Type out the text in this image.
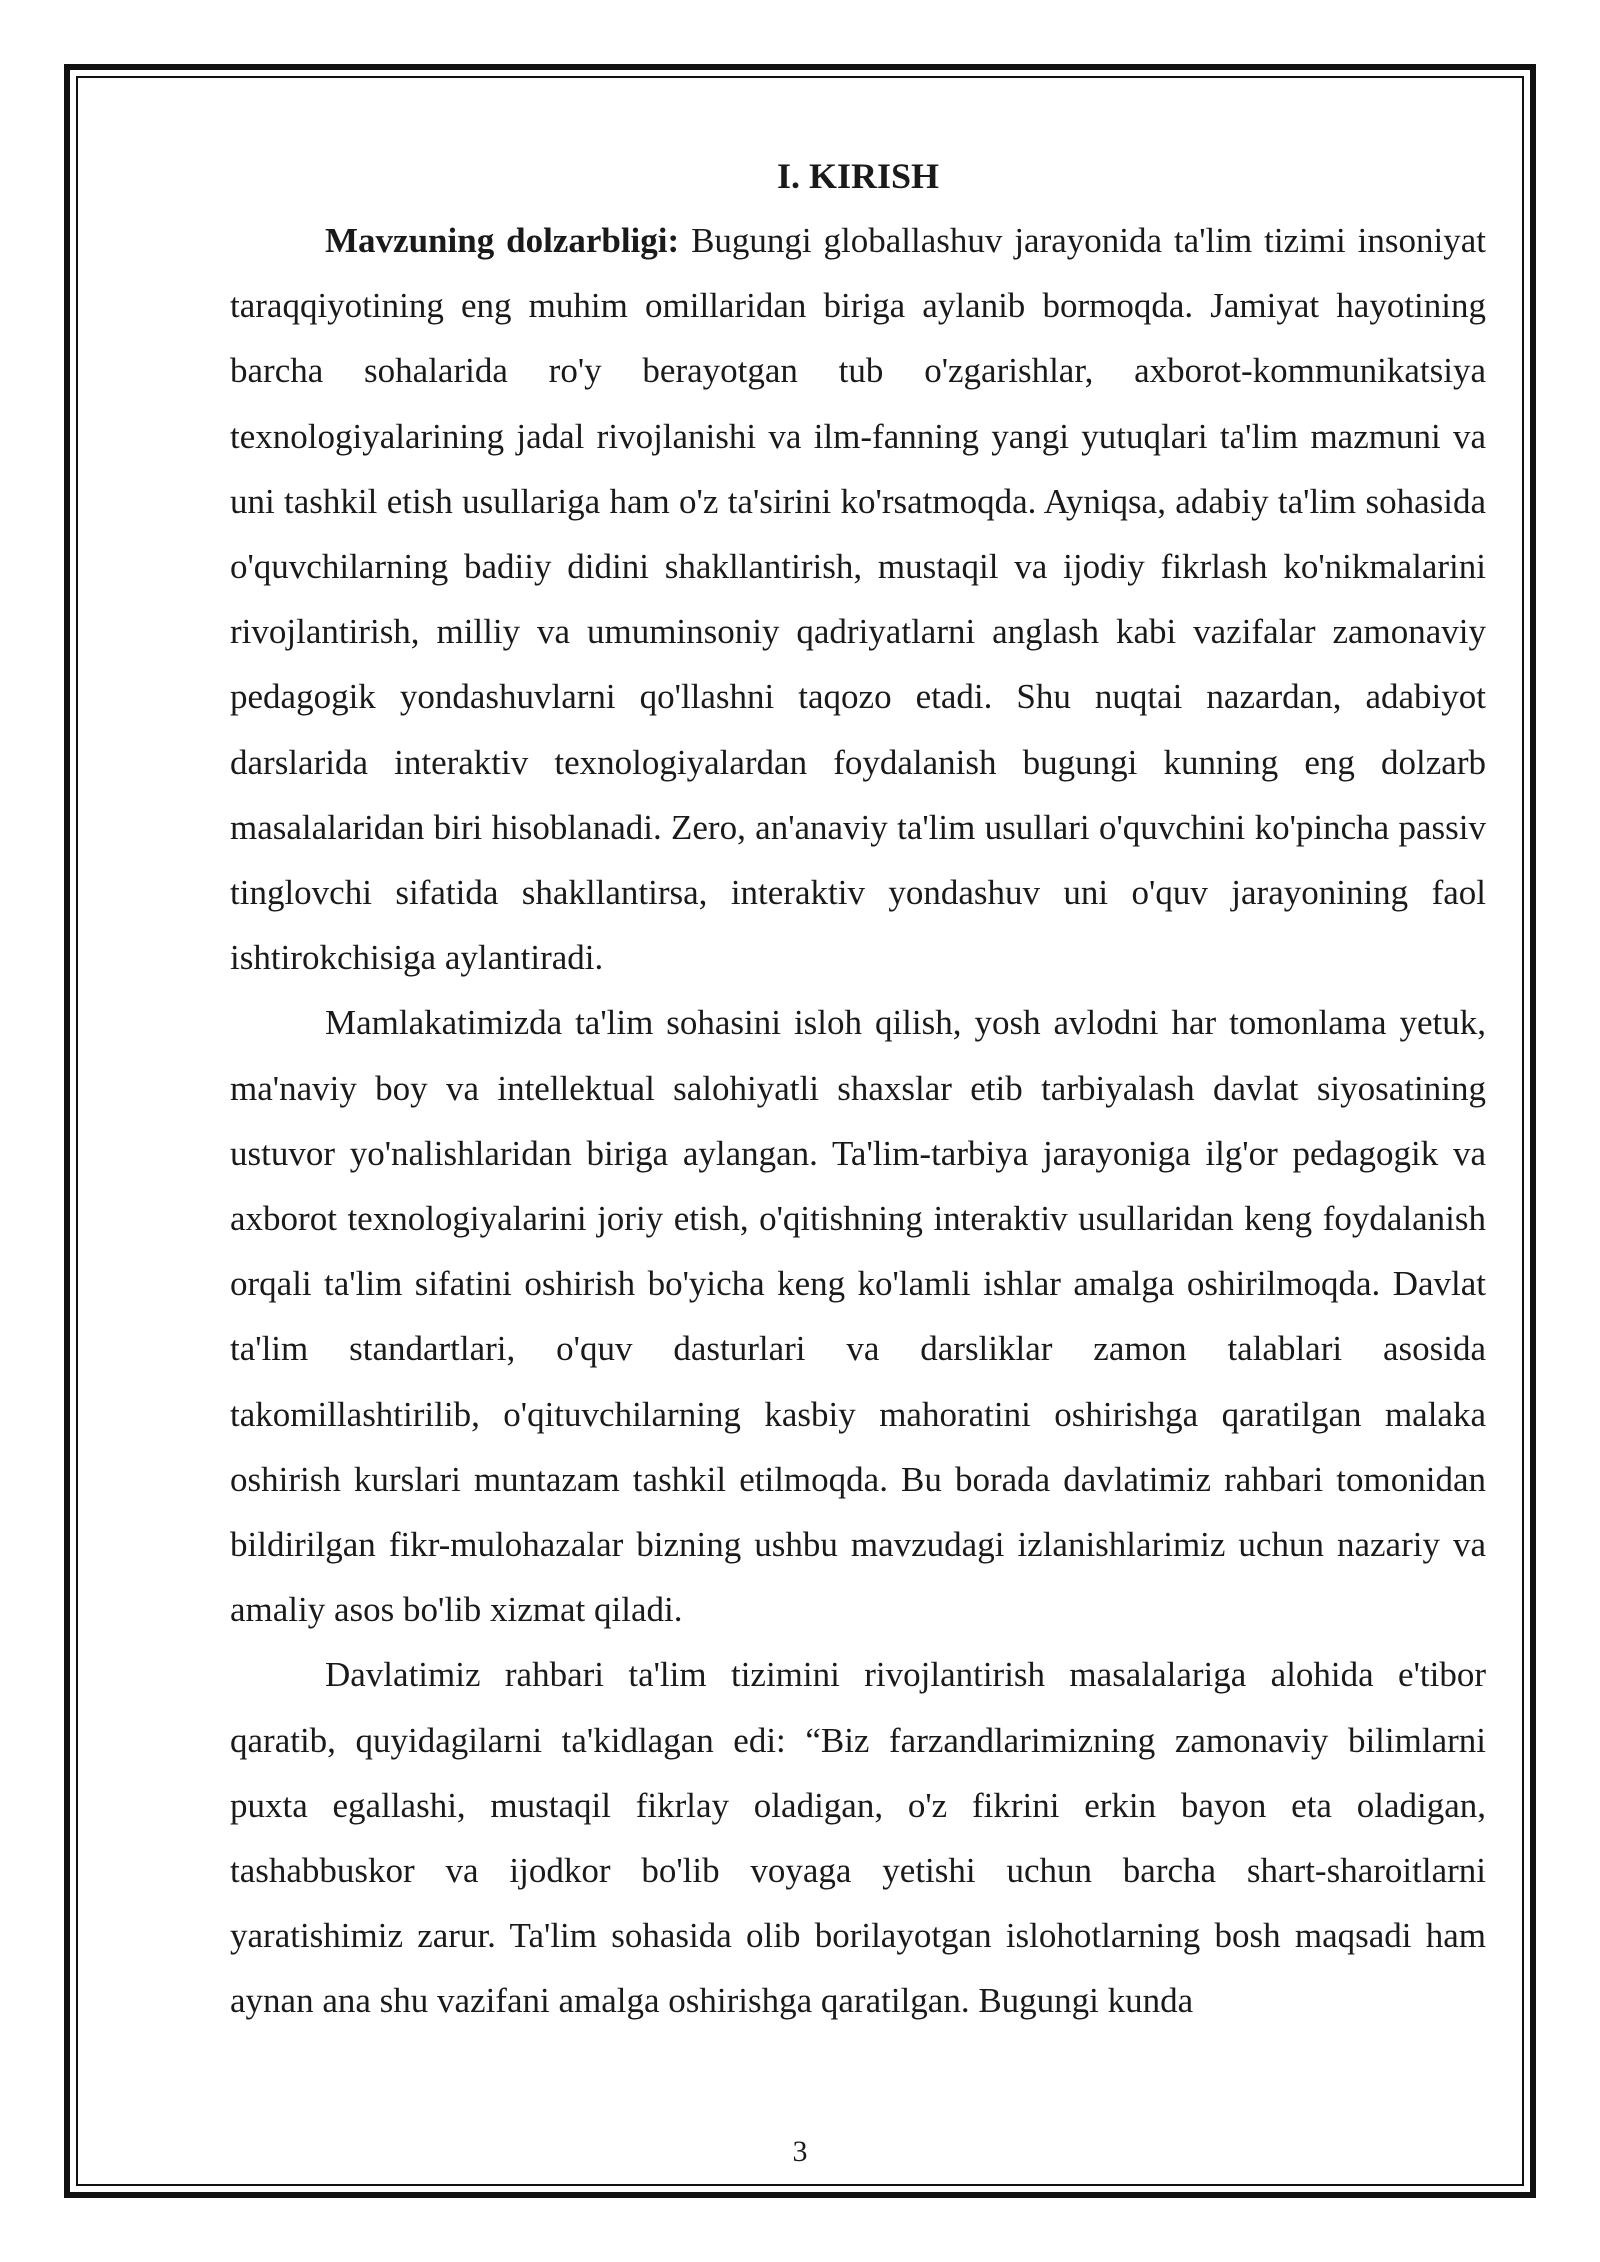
I. KIRISH

Mavzuning dolzarbligi: Bugungi globallashuv jarayonida ta'lim tizimi insoniyat taraqqiyotining eng muhim omillaridan biriga aylanib bormoqda. Jamiyat hayotining barcha sohalarida ro'y berayotgan tub o'zgarishlar, axborot-kommunikatsiya texnologiyalarining jadal rivojlanishi va ilm-fanning yangi yutuqlari ta'lim mazmuni va uni tashkil etish usullariga ham o'z ta'sirini ko'rsatmoqda. Ayniqsa, adabiy ta'lim sohasida o'quvchilarning badiiy didini shakllantirish, mustaqil va ijodiy fikrlash ko'nikmalarini rivojlantirish, milliy va umuminsoniy qadriyatlarni anglash kabi vazifalar zamonaviy pedagogik yondashuvlarni qo'llashni taqozo etadi. Shu nuqtai nazardan, adabiyot darslarida interaktiv texnologiyalardan foydalanish bugungi kunning eng dolzarb masalalaridan biri hisoblanadi. Zero, an'anaviy ta'lim usullari o'quvchini ko'pincha passiv tinglovchi sifatida shakllantirsa, interaktiv yondashuv uni o'quv jarayonining faol ishtirokchisiga aylantiradi.

Mamlakatimizda ta'lim sohasini isloh qilish, yosh avlodni har tomonlama yetuk, ma'naviy boy va intellektual salohiyatli shaxslar etib tarbiyalash davlat siyosatining ustuvor yo'nalishlaridan biriga aylangan. Ta'lim-tarbiya jarayoniga ilg'or pedagogik va axborot texnologiyalarini joriy etish, o'qitishning interaktiv usullaridan keng foydalanish orqali ta'lim sifatini oshirish bo'yicha keng ko'lamli ishlar amalga oshirilmoqda. Davlat ta'lim standartlari, o'quv dasturlari va darsliklar zamon talablari asosida takomillashtirilib, o'qituvchilarning kasbiy mahoratini oshirishga qaratilgan malaka oshirish kurslari muntazam tashkil etilmoqda. Bu borada davlatimiz rahbari tomonidan bildirilgan fikr-mulohazalar bizning ushbu mavzudagi izlanishlarimiz uchun nazariy va amaliy asos bo'lib xizmat qiladi.

Davlatimiz rahbari ta'lim tizimini rivojlantirish masalalariga alohida e'tibor qaratib, quyidagilarni ta'kidlagan edi: “Biz farzandlarimizning zamonaviy bilimlarni puxta egallashi, mustaqil fikrlay oladigan, o'z fikrini erkin bayon eta oladigan, tashabbuskor va ijodkor bo'lib voyaga yetishi uchun barcha shart-sharoitlarni yaratishimiz zarur. Ta'lim sohasida olib borilayotgan islohotlarning bosh maqsadi ham aynan ana shu vazifani amalga oshirishga qaratilgan. Bugungi kunda

3
